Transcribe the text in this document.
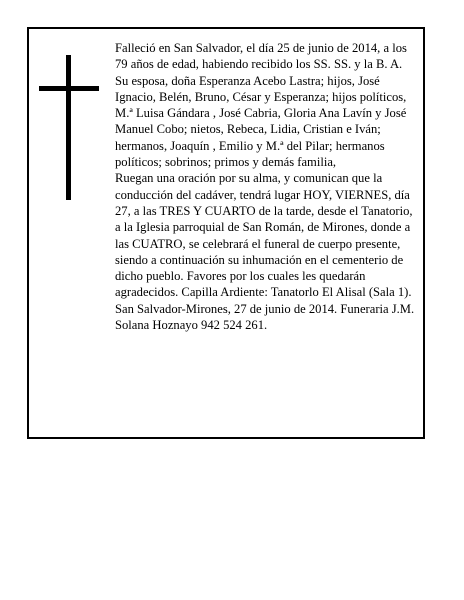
Falleció en San Salvador, el día 25 de junio de 2014, a los 79 años de edad, habiendo recibido los SS. SS. y la B. A.

Su esposa, doña Esperanza Acebo Lastra; hijos, José Ignacio, Belén, Bruno, César y Esperanza; hijos políticos, M.ª Luisa Gándara , José Cabria, Gloria Ana Lavín y José Manuel Cobo; nietos, Rebeca, Lidia, Cristian e Iván; hermanos, Joaquín , Emilio y M.ª del Pilar; hermanos políticos; sobrinos; primos y demás familia,

Ruegan una oración por su alma, y comunican que la conducción del cadáver, tendrá lugar HOY, VIERNES, día 27, a las TRES Y CUARTO de la tarde, desde el Tanatorio, a la Iglesia parroquial de San Román, de Mirones, donde a las CUATRO, se celebrará el funeral de cuerpo presente, siendo a continuación su inhumación en el cementerio de dicho pueblo. Favores por los cuales les quedarán agradecidos. Capilla Ardiente: Tanatorlo El Alisal (Sala 1).

San Salvador-Mirones, 27 de junio de 2014. Funeraria J.M. Solana Hoznayo 942 524 261.
